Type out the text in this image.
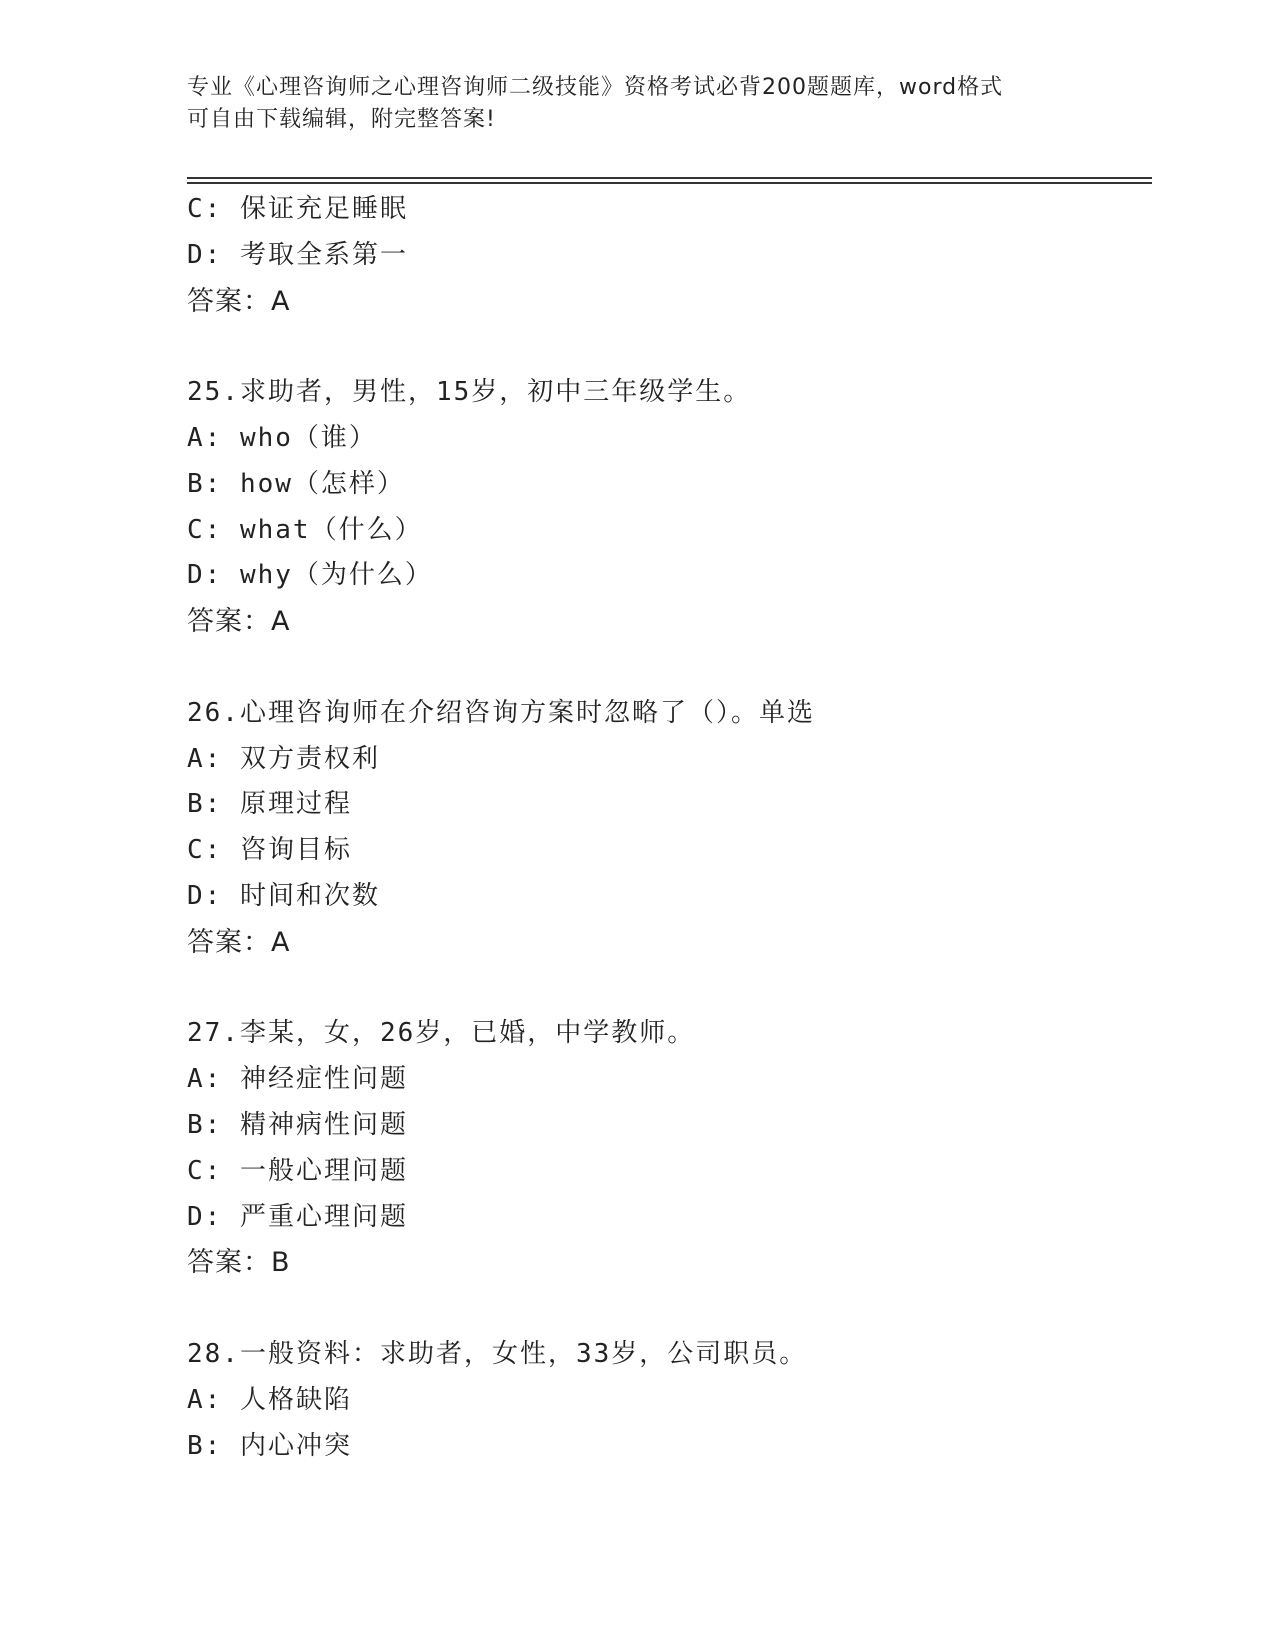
专业《心理咨询师之心理咨询师二级技能》资格考试必背200题题库，word格式
可自由下载编辑，附完整答案!
C: 保证充足睡眠
D: 考取全系第一
答案：A
25.求助者，男性，15岁，初中三年级学生。
A: who（谁）
B: how（怎样）
C: what（什么）
D: why（为什么）
答案：A
26.心理咨询师在介绍咨询方案时忽略了（）。单选
A: 双方责权利
B: 原理过程
C: 咨询目标
D: 时间和次数
答案：A
27.李某，女，26岁，已婚，中学教师。
A: 神经症性问题
B: 精神病性问题
C: 一般心理问题
D: 严重心理问题
答案：B
28.一般资料：求助者，女性，33岁，公司职员。
A: 人格缺陷
B: 内心冲突
